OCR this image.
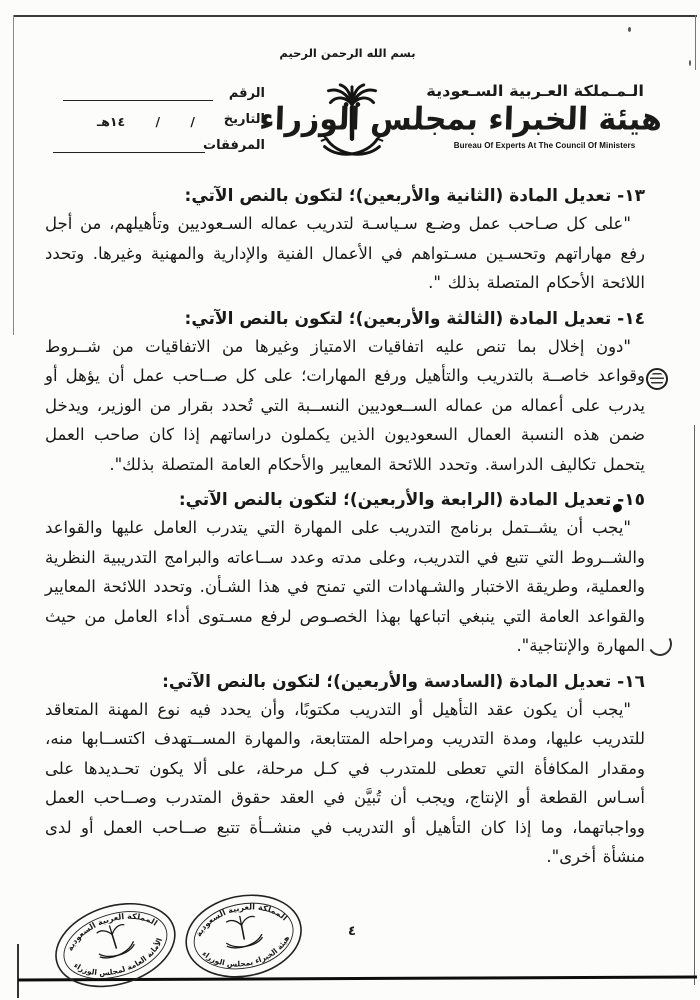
بسم الله الرحمن الرحيم
الـمـملكة العـربية السـعودية
هيئة الخبراء بمجلس الوزراء
Bureau Of Experts At The Council Of Ministers
الرقم
التاريخ
/ / ١٤هـ
المرفقات
١٣- تعديل المادة (الثانية والأربعين)؛ لتكون بالنص الآتي:

"على كل صـاحب عمل وضـع سـياسـة لتدريب عماله السـعوديين وتأهيلهم، من أجل رفع مهاراتهم وتحسـين مسـتواهم في الأعمال الفنية والإدارية والمهنية وغيرها. وتحدد اللائحة الأحكام المتصلة بذلك ".

١٤- تعديل المادة (الثالثة والأربعين)؛ لتكون بالنص الآتي:

"دون إخلال بما تنص عليه اتفاقيات الامتياز وغيرها من الاتفاقيات من شــروط وقواعد خاصــة بالتدريب والتأهيل ورفع المهارات؛ على كل صــاحب عمل أن يؤهل أو يدرب على أعماله من عماله الســعوديين النســبة التي تُحدد بقرار من الوزير، ويدخل ضمن هذه النسبة العمال السعوديون الذين يكملون دراساتهم إذا كان صاحب العمل يتحمل تكاليف الدراسة. وتحدد اللائحة المعايير والأحكام العامة المتصلة بذلك".

١٥- تعديل المادة (الرابعة والأربعين)؛ لتكون بالنص الآتي:

"يجب أن يشــتمل برنامج التدريب على المهارة التي يتدرب العامل عليها والقواعد والشــروط التي تتبع في التدريب، وعلى مدته وعدد ســاعاته والبرامج التدريبية النظرية والعملية، وطريقة الاختبار والشـهادات التي تمنح في هذا الشـأن. وتحدد اللائحة المعايير والقواعد العامة التي ينبغي اتباعها بهذا الخصـوص لرفع مسـتوى أداء العامل من حيث المهارة والإنتاجية".

١٦- تعديل المادة (السادسة والأربعين)؛ لتكون بالنص الآتي:

"يجب أن يكون عقد التأهيل أو التدريب مكتوبًا، وأن يحدد فيه نوع المهنة المتعاقد للتدريب عليها، ومدة التدريب ومراحله المتتابعة، والمهارة المســتهدف اكتســابها منه، ومقدار المكافأة التي تعطى للمتدرب في كـل مرحلة، على ألا يكون تحـديدها على أسـاس القطعة أو الإنتاج، ويجب أن تُبيَّن في العقد حقوق المتدرب وصــاحب العمل وواجباتهما، وما إذا كان التأهيل أو التدريب في منشــأة تتبع صــاحب العمل أو لدى منشأة أخرى".

المملكة العربية السعودية
الأمانة العامة لمجلس الوزراء
المملكة العربية السعودية
هيئة الخبراء بمجلس الوزراء	٤
